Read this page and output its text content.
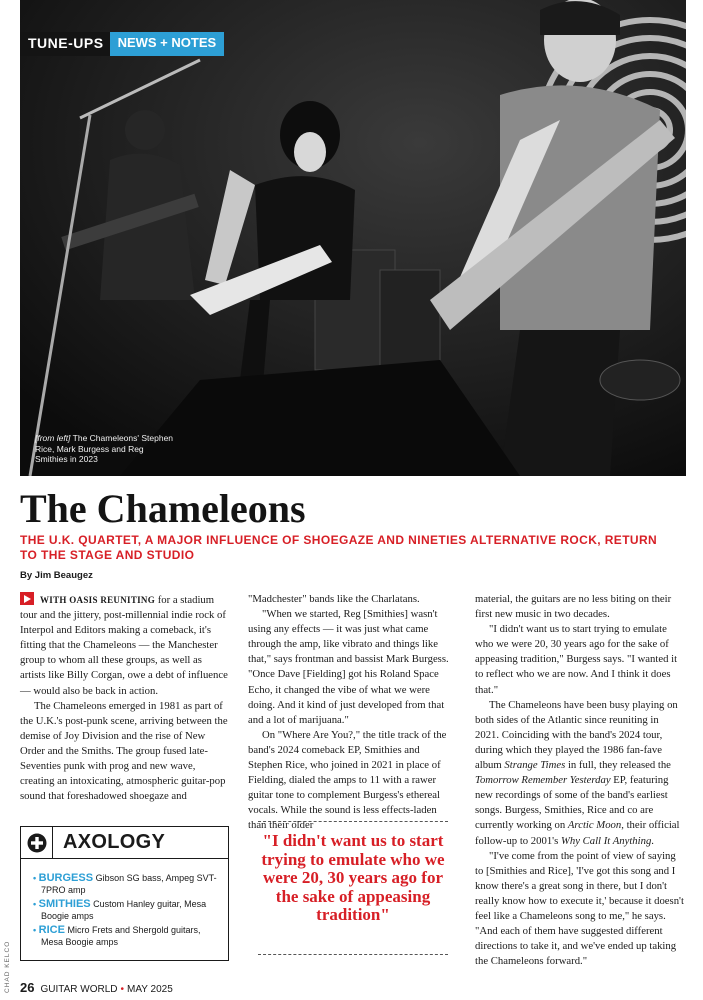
TUNE-UPS	NEWS + NOTES
[from left] The Chameleons' Stephen Rice, Mark Burgess and Reg Smithies in 2023
The Chameleons
THE U.K. QUARTET, A MAJOR INFLUENCE OF SHOEGAZE AND NINETIES ALTERNATIVE ROCK, RETURN TO THE STAGE AND STUDIO
By Jim Beaugez

WITH OASIS REUNITING for a stadium tour and the jittery, post-millennial indie rock of Interpol and Editors making a comeback, it's fitting that the Chameleons — the Manchester group to whom all these groups, as well as artists like Billy Corgan, owe a debt of influence — would also be back in action.

The Chameleons emerged in 1981 as part of the U.K.'s post-punk scene, arriving between the demise of Joy Division and the rise of New Order and the Smiths. The group fused late-Seventies punk with prog and new wave, creating an intoxicating, atmospheric guitar-pop sound that foreshadowed shoegaze and

"Madchester" bands like the Charlatans.

"When we started, Reg [Smithies] wasn't using any effects — it was just what came through the amp, like vibrato and things like that," says frontman and bassist Mark Burgess. "Once Dave [Fielding] got his Roland Space Echo, it changed the vibe of what we were doing. And it kind of just developed from that and a lot of marijuana."

On "Where Are You?," the title track of the band's 2024 comeback EP, Smithies and Stephen Rice, who joined in 2021 in place of Fielding, dialed the amps to 11 with a rawer guitar tone to complement Burgess's ethereal vocals. While the sound is less effects-laden than their older

material, the guitars are no less biting on their first new music in two decades.

"I didn't want us to start trying to emulate who we were 20, 30 years ago for the sake of appeasing tradition," Burgess says. "I wanted it to reflect who we are now. And I think it does that."

The Chameleons have been busy playing on both sides of the Atlantic since reuniting in 2021. Coinciding with the band's 2024 tour, during which they played the 1986 fan-fave album Strange Times in full, they released the Tomorrow Remember Yesterday EP, featuring new recordings of some of the band's earliest songs. Burgess, Smithies, Rice and co are currently working on Arctic Moon, their official follow-up to 2001's Why Call It Anything.

"I've come from the point of view of saying to [Smithies and Rice], 'I've got this song and I know there's a great song in there, but I don't really know how to execute it,' because it doesn't feel like a Chameleons song to me," he says. "And each of them have suggested different directions to take it, and we've ended up taking the Chameleons forward."

"I didn't want us to start trying to emulate who we were 20, 30 years ago for the sake of appeasing tradition"
AXOLOGY
• BURGESS Gibson SG bass, Ampeg SVT-7PRO amp
• SMITHIES Custom Hanley guitar, Mesa Boogie amps
• RICE Micro Frets and Shergold guitars, Mesa Boogie amps
CHAD KELCO 26 GUITAR WORLD • MAY 2025
